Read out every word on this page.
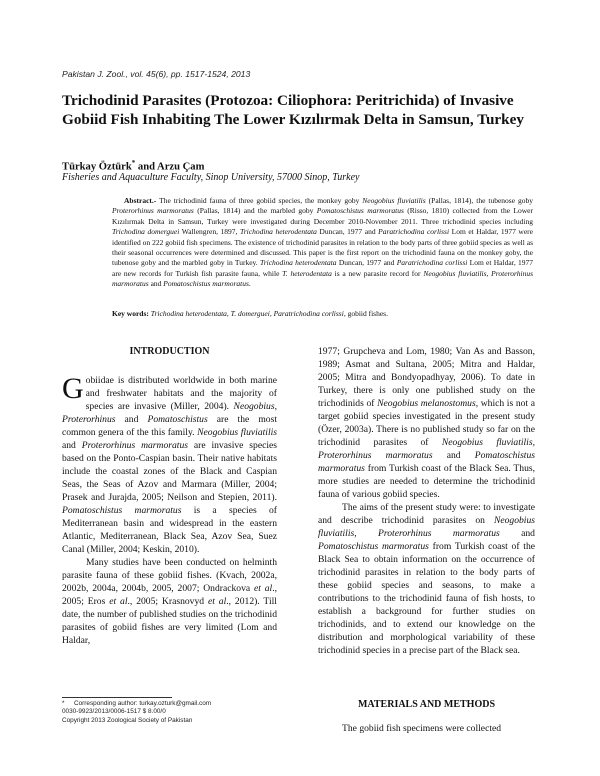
Pakistan J. Zool., vol. 45(6), pp. 1517-1524, 2013
Trichodinid Parasites (Protozoa: Ciliophora: Peritrichida) of Invasive Gobiid Fish Inhabiting The Lower Kızılırmak Delta in Samsun, Turkey
Türkay Öztürk* and Arzu Çam
Fisheries and Aquaculture Faculty, Sinop University, 57000 Sinop, Turkey
Abstract.- The trichodinid fauna of three gobiid species, the monkey goby Neogobius fluviatilis (Pallas, 1814), the tubenose goby Proterorhinus marmoratus (Pallas, 1814) and the marbled goby Pomatoschistus marmoratus (Risso, 1810) collected from the Lower Kızılırmak Delta in Samsun, Turkey were investigated during December 2010-November 2011. Three trichodinid species including Trichodina domerguei Wallengren, 1897, Trichodina heterodentata Duncan, 1977 and Paratrichodina corlissi Lom et Haldar, 1977 were identified on 222 gobiid fish specimens. The existence of trichodinid parasites in relation to the body parts of three gobiid species as well as their seasonal occurrences were determined and discussed. This paper is the first report on the trichodinid fauna on the monkey goby, the tubenose goby and the marbled goby in Turkey. Trichodina heterodentata Duncan, 1977 and Paratrichodina corlissi Lom et Haldar, 1977 are new records for Turkish fish parasite fauna, while T. heterodentata is a new parasite record for Neogobius fluviatilis, Proterorhinus marmoratus and Pomatoschistus marmoratus.
Key words: Trichodina heterodentata, T. domerguei, Paratrichodina corlissi, gobiid fishes.
INTRODUCTION

Gobiidae is distributed worldwide in both marine and freshwater habitats and the majority of species are invasive (Miller, 2004). Neogobius, Proterorhinus and Pomatoschistus are the most common genera of the this family. Neogobius fluviatilis and Proterorhinus marmoratus are invasive species based on the Ponto-Caspian basin. Their native habitats include the coastal zones of the Black and Caspian Seas, the Seas of Azov and Marmara (Miller, 2004; Prasek and Jurajda, 2005; Neilson and Stepien, 2011). Pomatoschistus marmoratus is a species of Mediterranean basin and widespread in the eastern Atlantic, Mediterranean, Black Sea, Azov Sea, Suez Canal (Miller, 2004; Keskin, 2010).

Many studies have been conducted on helminth parasite fauna of these gobiid fishes. (Kvach, 2002a, 2002b, 2004a, 2004b, 2005, 2007; Ondrackova et al., 2005; Eros et al., 2005; Krasnovyd et al., 2012). Till date, the number of published studies on the trichodinid parasites of gobiid fishes are very limited (Lom and Haldar,

1977; Grupcheva and Lom, 1980; Van As and Basson, 1989; Asmat and Sultana, 2005; Mitra and Haldar, 2005; Mitra and Bondyopadhyay, 2006). To date in Turkey, there is only one published study on the trichodinids of Neogobius melanostomus, which is not a target gobiid species investigated in the present study (Özer, 2003a). There is no published study so far on the trichodinid parasites of Neogobius fluviatilis, Proterorhinus marmoratus and Pomatoschistus marmoratus from Turkish coast of the Black Sea. Thus, more studies are needed to determine the trichodinid fauna of various gobiid species.

The aims of the present study were: to investigate and describe trichodinid parasites on Neogobius fluviatilis, Proterorhinus marmoratus and Pomatoschistus marmoratus from Turkish coast of the Black Sea to obtain information on the occurrence of trichodinid parasites in relation to the body parts of these gobiid species and seasons, to make a contributions to the trichodinid fauna of fish hosts, to establish a background for further studies on trichodinids, and to extend our knowledge on the distribution and morphological variability of these trichodinid species in a precise part of the Black sea.

* Corresponding author: turkay.ozturk@gmail.com
0030-9923/2013/0006-1517 $ 8.00/0
Copyright 2013 Zoological Society of Pakistan
MATERIALS AND METHODS
The gobiid fish specimens were collected
